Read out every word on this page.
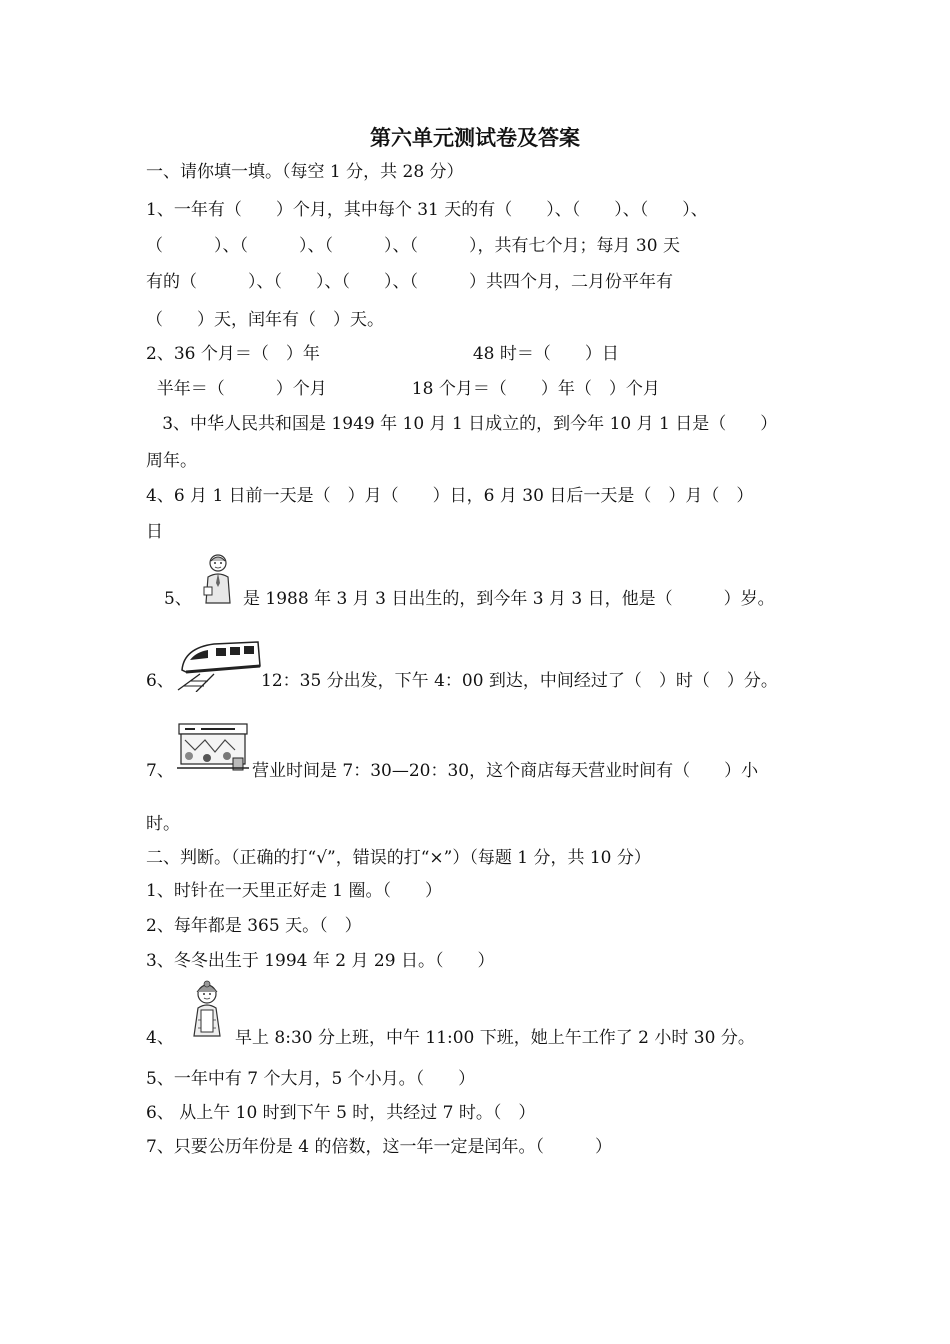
第六单元测试卷及答案
一、请你填一填。（每空 1 分，共 28 分）
1、一年有（　　）个月，其中每个 31 天的有（　　）、（　　）、（　　）、
（　　　）、（　　　）、（　　　）、（　　　），共有七个月；每月 30 天
有的（　　　）、（　　）、（　　）、（　　　）共四个月，二月份平年有
（　　）天，闰年有（　）天。
2、36 个月＝（　）年　　　　　　　　　48 时＝（　　）日
半年＝（　　　）个月　　　　　18 个月＝（　　）年（　）个月
3、中华人民共和国是 1949 年 10 月 1 日成立的，到今年 10 月 1 日是（　　）
周年。
4、6 月 1 日前一天是（　）月（　　）日，6 月 30 日后一天是（　）月（　）
日
5、	是 1988 年 3 月 3 日出生的，到今年 3 月 3 日，他是（　　　）岁。
6、	12：35 分出发，下午 4：00 到达，中间经过了（　）时（　）分。
7、	营业时间是 7：30—20：30，这个商店每天营业时间有（　　）小
时。
二、判断。（正确的打“√”，错误的打“×”）（每题 1 分，共 10 分）
1、时针在一天里正好走 1 圈。（　　）
2、每年都是 365 天。（　）
3、冬冬出生于 1994 年 2 月 29 日。（　　）
4、	早上 8:30 分上班，中午 11:00 下班，她上午工作了 2 小时 30 分。
5、一年中有 7 个大月，5 个小月。（　　）
6、 从上午 10 时到下午 5 时，共经过 7 时。（　）
7、只要公历年份是 4 的倍数，这一年一定是闰年。（　　　）
